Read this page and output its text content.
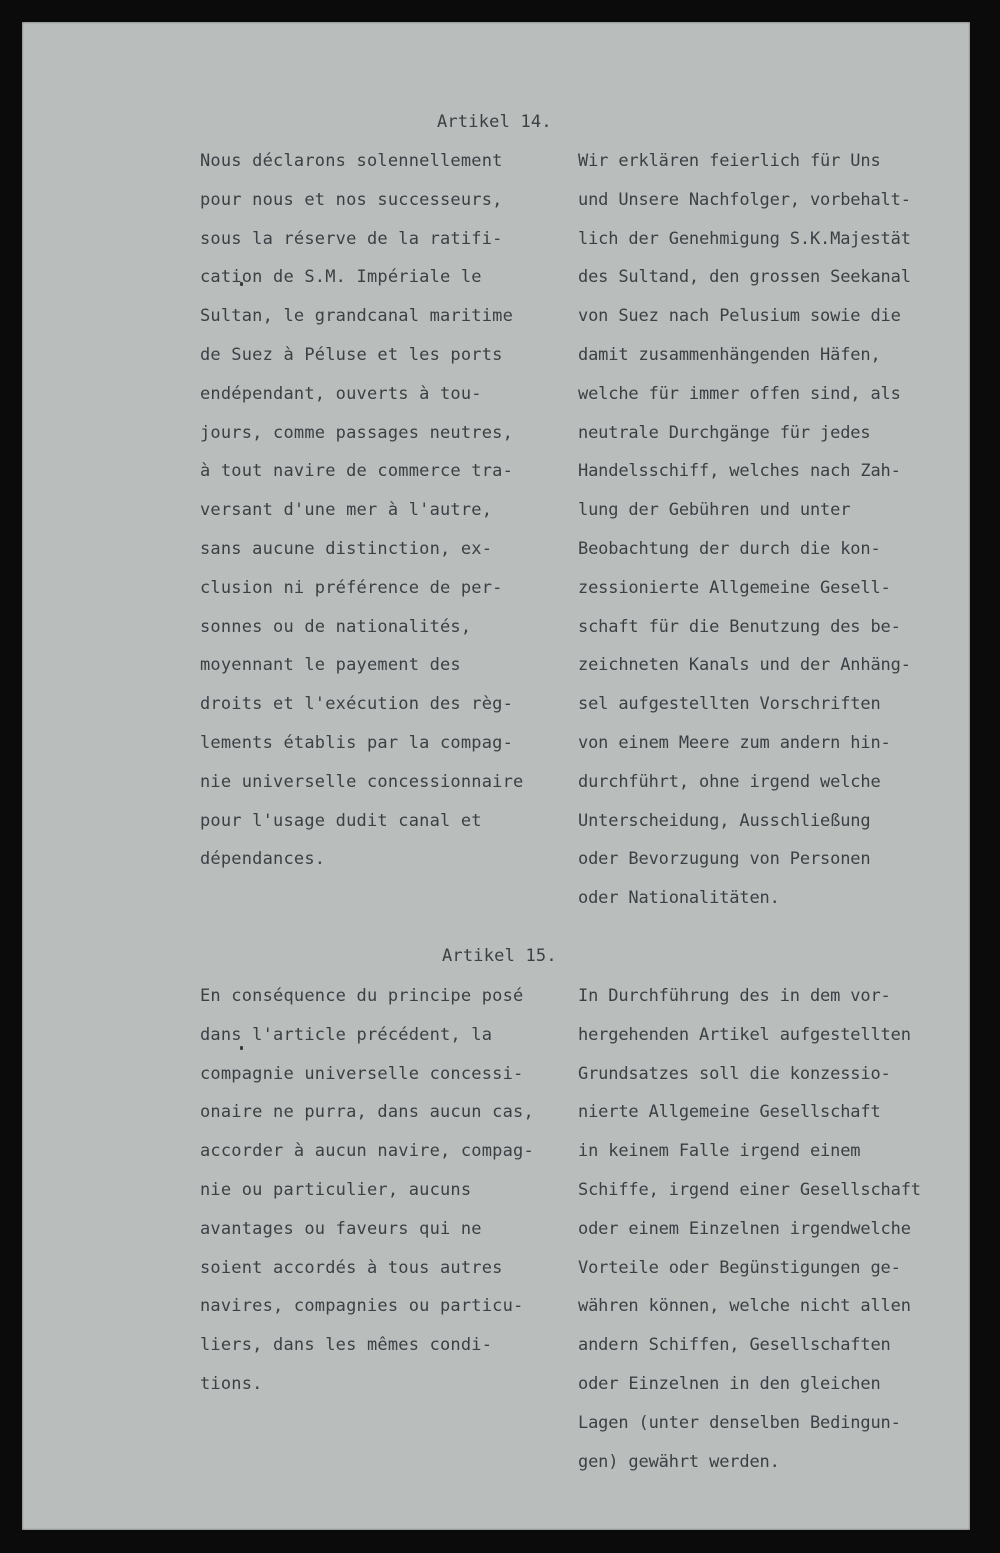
Artikel 14.
Nous déclarons solennellement
pour nous et nos successeurs,
sous la réserve de la ratifi-
cation de S.M. Impériale le
Sultan, le grandcanal maritime
de Suez à Péluse et les ports
endépendant, ouverts à tou-
jours, comme passages neutres,
à tout navire de commerce tra-
versant d'une mer à l'autre,
sans aucune distinction, ex-
clusion ni préférence de per-
sonnes ou de nationalités,
moyennant le payement des
droits et l'exécution des règ-
lements établis par la compag-
nie universelle concessionnaire
pour l'usage dudit canal et
dépendances.
Wir erklären feierlich für Uns
und Unsere Nachfolger, vorbehalt-
lich der Genehmigung S.K.Majestät
des Sultand, den grossen Seekanal
von Suez nach Pelusium sowie die
damit zusammenhängenden Häfen,
welche für immer offen sind, als
neutrale Durchgänge für jedes
Handelsschiff, welches nach Zah-
lung der Gebühren und unter
Beobachtung der durch die kon-
zessionierte Allgemeine Gesell-
schaft für die Benutzung des be-
zeichneten Kanals und der Anhäng-
sel aufgestellten Vorschriften
von einem Meere zum andern hin-
durchführt, ohne irgend welche
Unterscheidung, Ausschließung
oder Bevorzugung von Personen
oder Nationalitäten.
Artikel 15.
En conséquence du principe posé
dans l'article précédent, la
compagnie universelle concessi-
onaire ne purra, dans aucun cas,
accorder à aucun navire, compag-
nie ou particulier, aucuns
avantages ou faveurs qui ne
soient accordés à tous autres
navires, compagnies ou particu-
liers, dans les mêmes condi-
tions.
In Durchführung des in dem vor-
hergehenden Artikel aufgestellten
Grundsatzes soll die konzessio-
nierte Allgemeine Gesellschaft
in keinem Falle irgend einem
Schiffe, irgend einer Gesellschaft
oder einem Einzelnen irgendwelche
Vorteile oder Begünstigungen ge-
währen können, welche nicht allen
andern Schiffen, Gesellschaften
oder Einzelnen in den gleichen
Lagen (unter denselben Bedingun-
gen) gewährt werden.
